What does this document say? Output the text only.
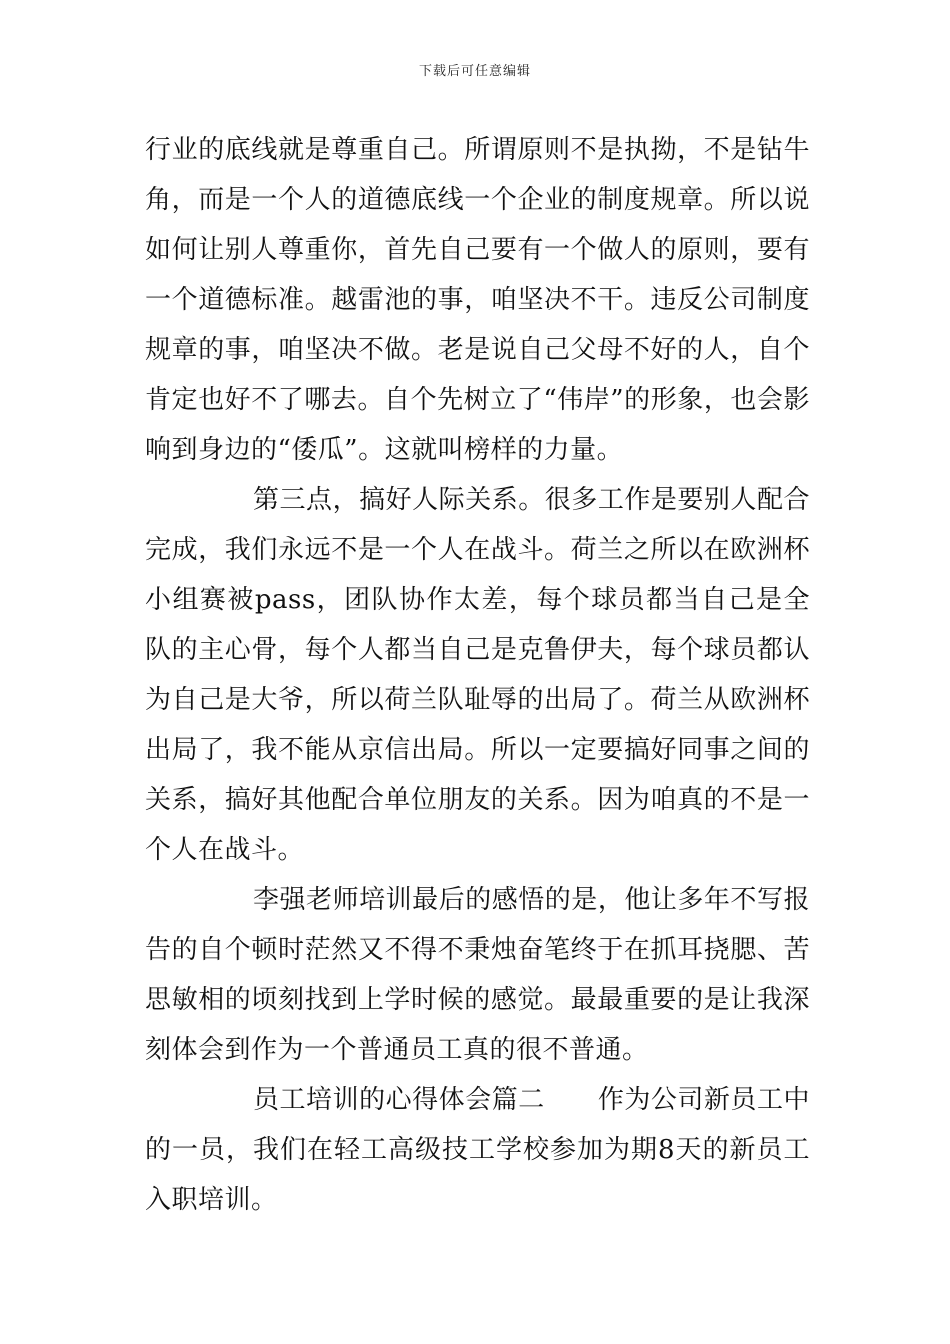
下载后可任意编辑

行业的底线就是尊重自己。所谓原则不是执拗，不是钻牛角，而是一个人的道德底线一个企业的制度规章。所以说如何让别人尊重你，首先自己要有一个做人的原则，要有一个道德标准。越雷池的事，咱坚决不干。违反公司制度规章的事，咱坚决不做。老是说自己父母不好的人，自个肯定也好不了哪去。自个先树立了“伟岸”的形象，也会影响到身边的“倭瓜”。这就叫榜样的力量。

第三点，搞好人际关系。很多工作是要别人配合完成，我们永远不是一个人在战斗。荷兰之所以在欧洲杯小组赛被pass，团队协作太差，每个球员都当自己是全队的主心骨，每个人都当自己是克鲁伊夫，每个球员都认为自己是大爷，所以荷兰队耻辱的出局了。荷兰从欧洲杯出局了，我不能从京信出局。所以一定要搞好同事之间的关系，搞好其他配合单位朋友的关系。因为咱真的不是一个人在战斗。

李强老师培训最后的感悟的是，他让多年不写报告的自个顿时茫然又不得不秉烛奋笔终于在抓耳挠腮、苦思敏相的顷刻找到上学时候的感觉。最最重要的是让我深刻体会到作为一个普通员工真的很不普通。

员工培训的心得体会篇二　　作为公司新员工中的一员，我们在轻工高级技工学校参加为期8天的新员工入职培训。
